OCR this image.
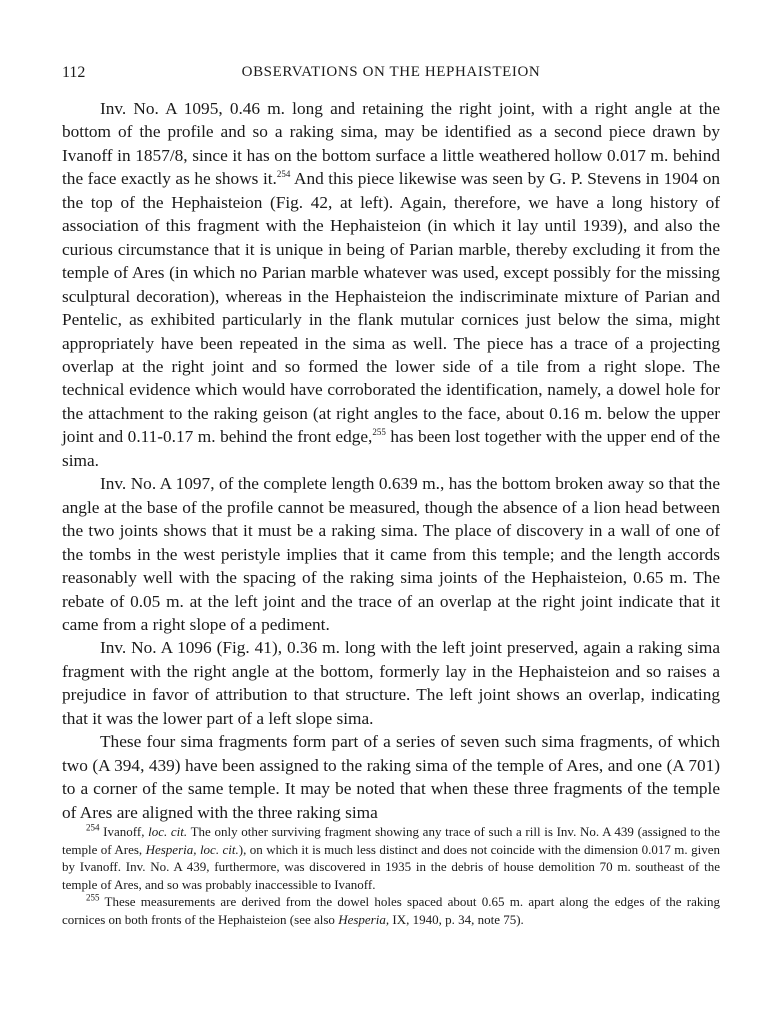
112	OBSERVATIONS ON THE HEPHAISTEION

Inv. No. A 1095, 0.46 m. long and retaining the right joint, with a right angle at the bottom of the profile and so a raking sima, may be identified as a second piece drawn by Ivanoff in 1857/8, since it has on the bottom surface a little weathered hollow 0.017 m. behind the face exactly as he shows it.$^{254}$ And this piece likewise was seen by G. P. Stevens in 1904 on the top of the Hephaisteion (Fig. 42, at left). Again, therefore, we have a long history of association of this fragment with the Hephaisteion (in which it lay until 1939), and also the curious circumstance that it is unique in being of Parian marble, thereby excluding it from the temple of Ares (in which no Parian marble whatever was used, except possibly for the missing sculptural decoration), whereas in the Hephaisteion the indiscriminate mixture of Parian and Pentelic, as exhibited particularly in the flank mutular cornices just below the sima, might appropriately have been repeated in the sima as well. The piece has a trace of a projecting overlap at the right joint and so formed the lower side of a tile from a right slope. The technical evidence which would have corroborated the identification, namely, a dowel hole for the attachment to the raking geison (at right angles to the face, about 0.16 m. below the upper joint and 0.11-0.17 m. behind the front edge,$^{255}$ has been lost together with the upper end of the sima.

Inv. No. A 1097, of the complete length 0.639 m., has the bottom broken away so that the angle at the base of the profile cannot be measured, though the absence of a lion head between the two joints shows that it must be a raking sima. The place of discovery in a wall of one of the tombs in the west peristyle implies that it came from this temple; and the length accords reasonably well with the spacing of the raking sima joints of the Hephaisteion, 0.65 m. The rebate of 0.05 m. at the left joint and the trace of an overlap at the right joint indicate that it came from a right slope of a pediment.

Inv. No. A 1096 (Fig. 41), 0.36 m. long with the left joint preserved, again a raking sima fragment with the right angle at the bottom, formerly lay in the Hephaisteion and so raises a prejudice in favor of attribution to that structure. The left joint shows an overlap, indicating that it was the lower part of a left slope sima.

These four sima fragments form part of a series of seven such sima fragments, of which two (A 394, 439) have been assigned to the raking sima of the temple of Ares, and one (A 701) to a corner of the same temple. It may be noted that when these three fragments of the temple of Ares are aligned with the three raking sima

$^{254}$ Ivanoff, loc. cit. The only other surviving fragment showing any trace of such a rill is Inv. No. A 439 (assigned to the temple of Ares, Hesperia, loc. cit.), on which it is much less distinct and does not coincide with the dimension 0.017 m. given by Ivanoff. Inv. No. A 439, furthermore, was discovered in 1935 in the debris of house demolition 70 m. southeast of the temple of Ares, and so was probably inaccessible to Ivanoff.

$^{255}$ These measurements are derived from the dowel holes spaced about 0.65 m. apart along the edges of the raking cornices on both fronts of the Hephaisteion (see also Hesperia, IX, 1940, p. 34, note 75).
